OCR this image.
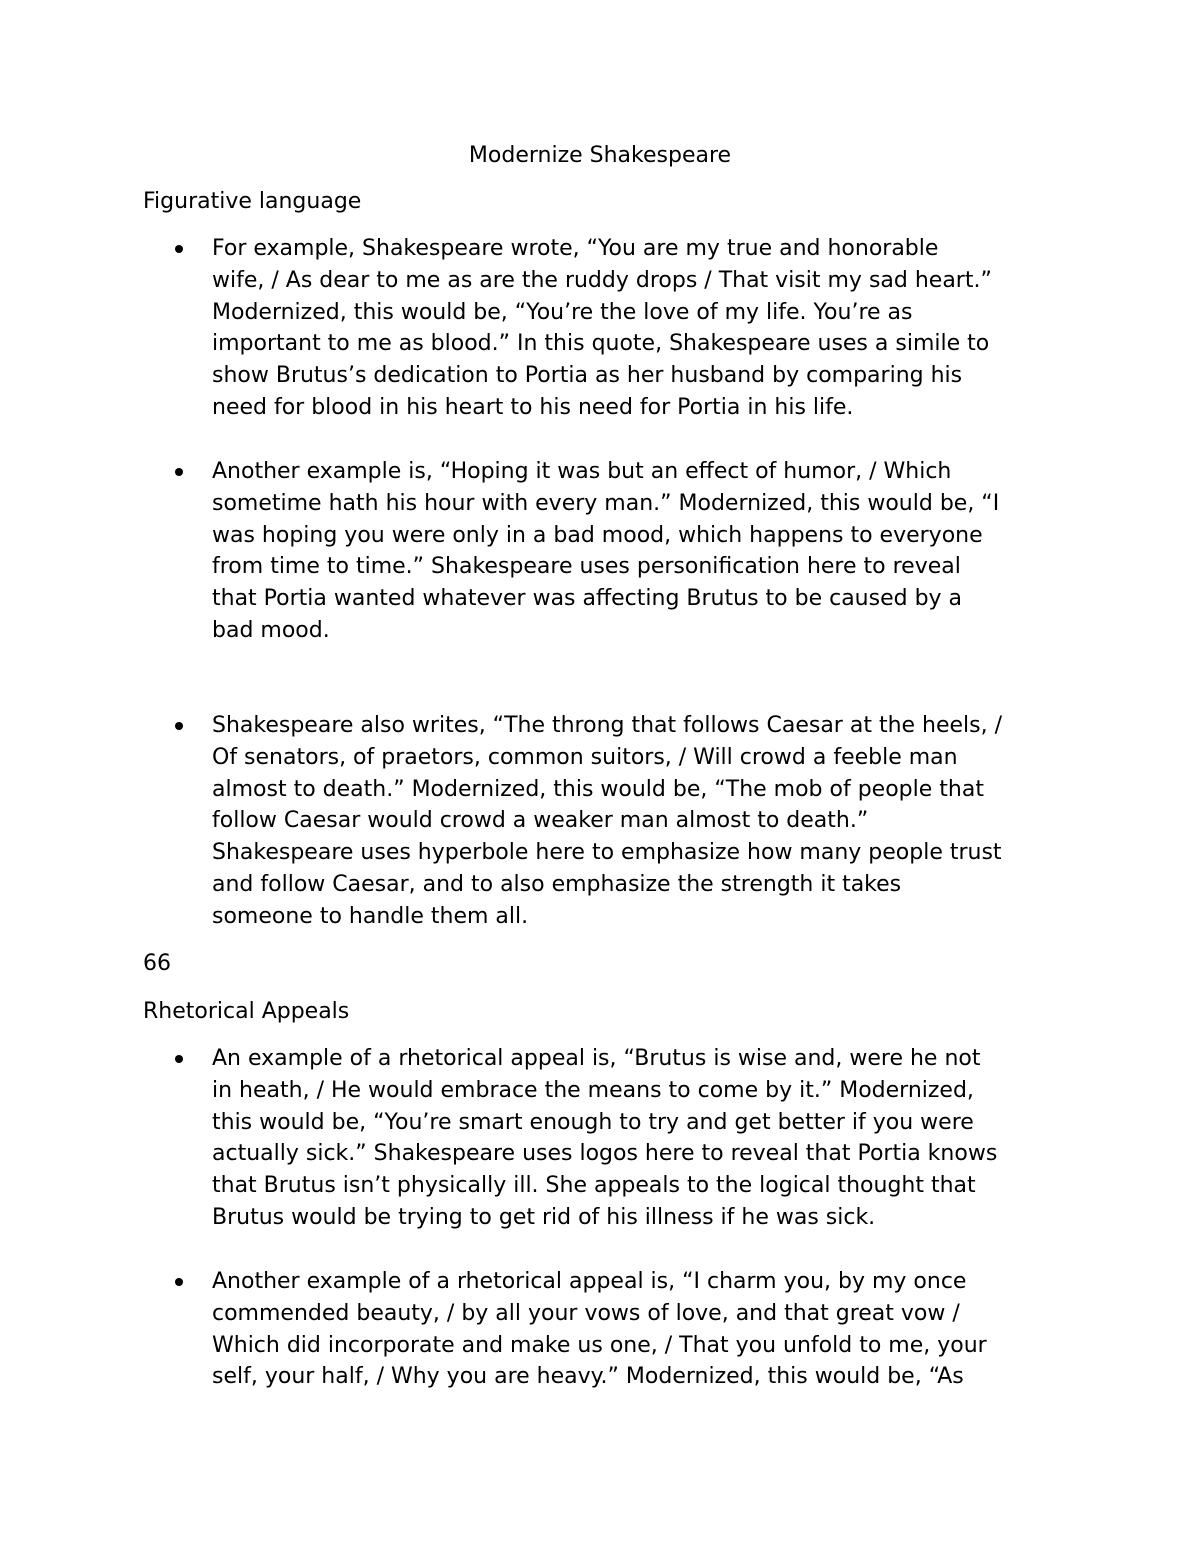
Modernize Shakespeare
Figurative language
For example, Shakespeare wrote, “You are my true and honorable
wife, / As dear to me as are the ruddy drops / That visit my sad heart.”
Modernized, this would be, “You’re the love of my life. You’re as
important to me as blood.” In this quote, Shakespeare uses a simile to
show Brutus’s dedication to Portia as her husband by comparing his
need for blood in his heart to his need for Portia in his life.
Another example is, “Hoping it was but an effect of humor, / Which
sometime hath his hour with every man.” Modernized, this would be, “I
was hoping you were only in a bad mood, which happens to everyone
from time to time.” Shakespeare uses personification here to reveal
that Portia wanted whatever was affecting Brutus to be caused by a
bad mood.
Shakespeare also writes, “The throng that follows Caesar at the heels, /
Of senators, of praetors, common suitors, / Will crowd a feeble man
almost to death.” Modernized, this would be, “The mob of people that
follow Caesar would crowd a weaker man almost to death.”
Shakespeare uses hyperbole here to emphasize how many people trust
and follow Caesar, and to also emphasize the strength it takes
someone to handle them all.
66
Rhetorical Appeals
An example of a rhetorical appeal is, “Brutus is wise and, were he not
in heath, / He would embrace the means to come by it.” Modernized,
this would be, “You’re smart enough to try and get better if you were
actually sick.” Shakespeare uses logos here to reveal that Portia knows
that Brutus isn’t physically ill. She appeals to the logical thought that
Brutus would be trying to get rid of his illness if he was sick.
Another example of a rhetorical appeal is, “I charm you, by my once
commended beauty, / by all your vows of love, and that great vow /
Which did incorporate and make us one, / That you unfold to me, your
self, your half, / Why you are heavy.” Modernized, this would be, “As
